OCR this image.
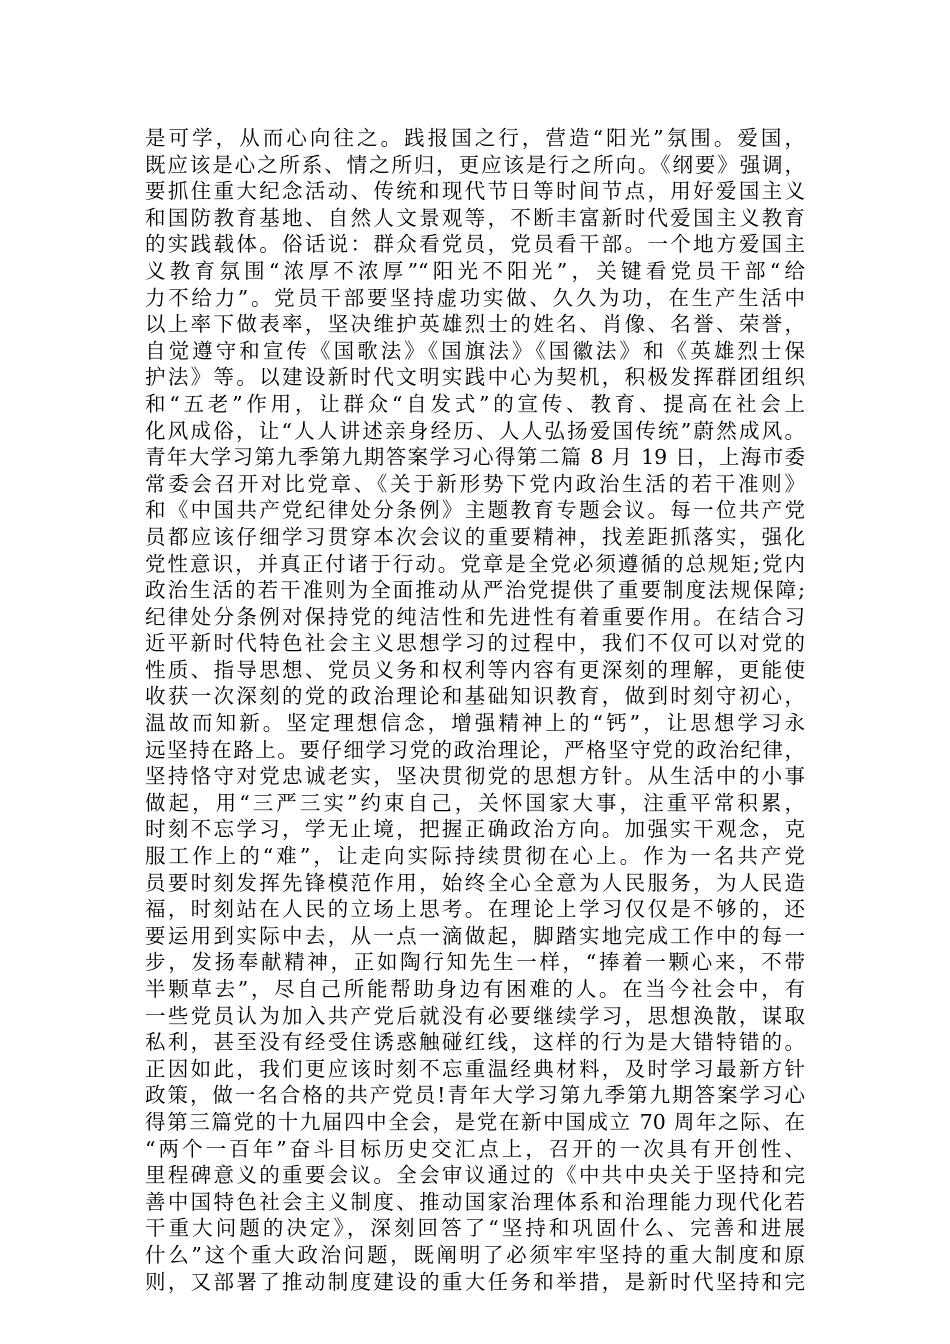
是可学，从而心向往之。践报国之行，营造“阳光”氛围。爱国，
既应该是心之所系、情之所归，更应该是行之所向。《纲要》强调，
要抓住重大纪念活动、传统和现代节日等时间节点，用好爱国主义
和国防教育基地、自然人文景观等，不断丰富新时代爱国主义教育
的实践载体。俗话说：群众看党员，党员看干部。一个地方爱国主
义教育氛围“浓厚不浓厚”“阳光不阳光”，关键看党员干部“给
力不给力”。党员干部要坚持虚功实做、久久为功，在生产生活中
以上率下做表率，坚决维护英雄烈士的姓名、肖像、名誉、荣誉，
自觉遵守和宣传《国歌法》《国旗法》《国徽法》和《英雄烈士保
护法》等。以建设新时代文明实践中心为契机，积极发挥群团组织
和“五老”作用，让群众“自发式”的宣传、教育、提高在社会上
化风成俗，让“人人讲述亲身经历、人人弘扬爱国传统”蔚然成风。
青年大学习第九季第九期答案学习心得第二篇 8 月 19 日，上海市委
常委会召开对比党章、《关于新形势下党内政治生活的若干准则》
和《中国共产党纪律处分条例》主题教育专题会议。每一位共产党
员都应该仔细学习贯穿本次会议的重要精神，找差距抓落实，强化
党性意识，并真正付诸于行动。党章是全党必须遵循的总规矩;党内
政治生活的若干准则为全面推动从严治党提供了重要制度法规保障;
纪律处分条例对保持党的纯洁性和先进性有着重要作用。在结合习
近平新时代特色社会主义思想学习的过程中，我们不仅可以对党的
性质、指导思想、党员义务和权利等内容有更深刻的理解，更能使
收获一次深刻的党的政治理论和基础知识教育，做到时刻守初心，
温故而知新。坚定理想信念，增强精神上的“钙”，让思想学习永
远坚持在路上。要仔细学习党的政治理论，严格坚守党的政治纪律，
坚持恪守对党忠诚老实，坚决贯彻党的思想方针。从生活中的小事
做起，用“三严三实”约束自己，关怀国家大事，注重平常积累，
时刻不忘学习，学无止境，把握正确政治方向。加强实干观念，克
服工作上的“难”，让走向实际持续贯彻在心上。作为一名共产党
员要时刻发挥先锋模范作用，始终全心全意为人民服务，为人民造
福，时刻站在人民的立场上思考。在理论上学习仅仅是不够的，还
要运用到实际中去，从一点一滴做起，脚踏实地完成工作中的每一
步，发扬奉献精神，正如陶行知先生一样，“捧着一颗心来，不带
半颗草去”，尽自己所能帮助身边有困难的人。在当今社会中，有
一些党员认为加入共产党后就没有必要继续学习，思想涣散，谋取
私利，甚至没有经受住诱惑触碰红线，这样的行为是大错特错的。
正因如此，我们更应该时刻不忘重温经典材料，及时学习最新方针
政策，做一名合格的共产党员!青年大学习第九季第九期答案学习心
得第三篇党的十九届四中全会，是党在新中国成立 70 周年之际、在
“两个一百年”奋斗目标历史交汇点上，召开的一次具有开创性、
里程碑意义的重要会议。全会审议通过的《中共中央关于坚持和完
善中国特色社会主义制度、推动国家治理体系和治理能力现代化若
干重大问题的决定》，深刻回答了“坚持和巩固什么、完善和进展
什么”这个重大政治问题，既阐明了必须牢牢坚持的重大制度和原
则，又部署了推动制度建设的重大任务和举措，是新时代坚持和完
